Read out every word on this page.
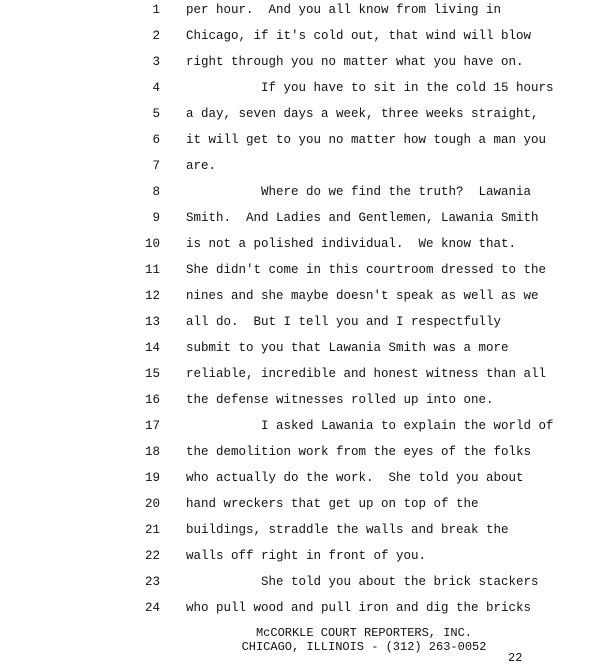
1 per hour.  And you all know from living in
2 Chicago, if it's cold out, that wind will blow
3 right through you no matter what you have on.
4 If you have to sit in the cold 15 hours
5 a day, seven days a week, three weeks straight,
6 it will get to you no matter how tough a man you
7 are.
8 Where do we find the truth?  Lawania
9 Smith.  And Ladies and Gentlemen, Lawania Smith
10 is not a polished individual.  We know that.
11 She didn't come in this courtroom dressed to the
12 nines and she maybe doesn't speak as well as we
13 all do.  But I tell you and I respectfully
14 submit to you that Lawania Smith was a more
15 reliable, incredible and honest witness than all
16 the defense witnesses rolled up into one.
17 I asked Lawania to explain the world of
18 the demolition work from the eyes of the folks
19 who actually do the work.  She told you about
20 hand wreckers that get up on top of the
21 buildings, straddle the walls and break the
22 walls off right in front of you.
23 She told you about the brick stackers
24 who pull wood and pull iron and dig the bricks
McCORKLE COURT REPORTERS, INC.
CHICAGO, ILLINOIS - (312) 263-0052
22
